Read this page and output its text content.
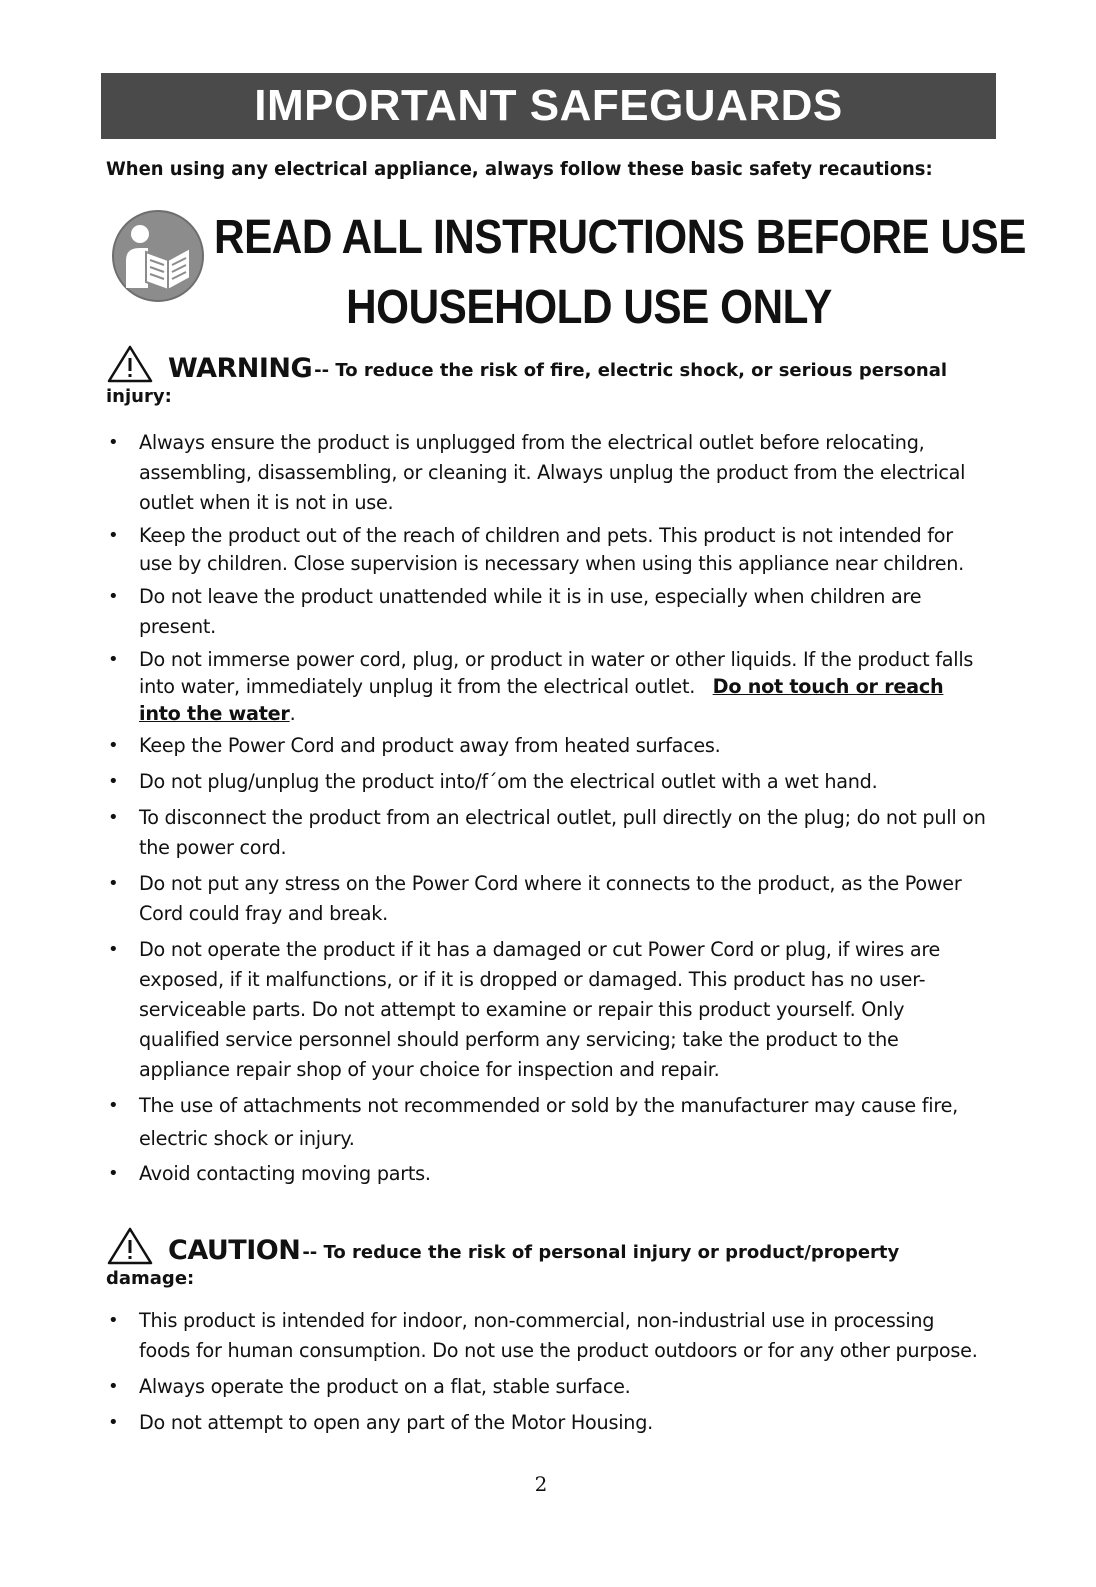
IMPORTANT SAFEGUARDS
When using any electrical appliance, always follow these basic safety recautions:
READ ALL INSTRUCTIONS BEFORE USE
HOUSEHOLD USE ONLY
WARNING -- To reduce the risk of fire, electric shock, or serious personal
injury:
• Always ensure the product is unplugged from the electrical outlet before relocating, assembling, disassembling, or cleaning it. Always unplug the product from the electrical outlet when it is not in use.
• Keep the product out of the reach of children and pets. This product is not intended for use by children. Close supervision is necessary when using this appliance near children.
• Do not leave the product unattended while it is in use, especially when children are present.
• Do not immerse power cord, plug, or product in water or other liquids. If the product falls into water, immediately unplug it from the electrical outlet. Do not touch or reach into the water.
• Keep the Power Cord and product away from heated surfaces.
• Do not plug/unplug the product into/f´om the electrical outlet with a wet hand.
• To disconnect the product from an electrical outlet, pull directly on the plug; do not pull on the power cord.
• Do not put any stress on the Power Cord where it connects to the product, as the Power Cord could fray and break.
• Do not operate the product if it has a damaged or cut Power Cord or plug, if wires are exposed, if it malfunctions, or if it is dropped or damaged. This product has no user-serviceable parts. Do not attempt to examine or repair this product yourself. Only qualified service personnel should perform any servicing; take the product to the appliance repair shop of your choice for inspection and repair.
• The use of attachments not recommended or sold by the manufacturer may cause fire, electric shock or injury.
• Avoid contacting moving parts.
CAUTION -- To reduce the risk of personal injury or product/property
damage:
• This product is intended for indoor, non-commercial, non-industrial use in processing foods for human consumption. Do not use the product outdoors or for any other purpose.
• Always operate the product on a flat, stable surface.
• Do not attempt to open any part of the Motor Housing.
2
